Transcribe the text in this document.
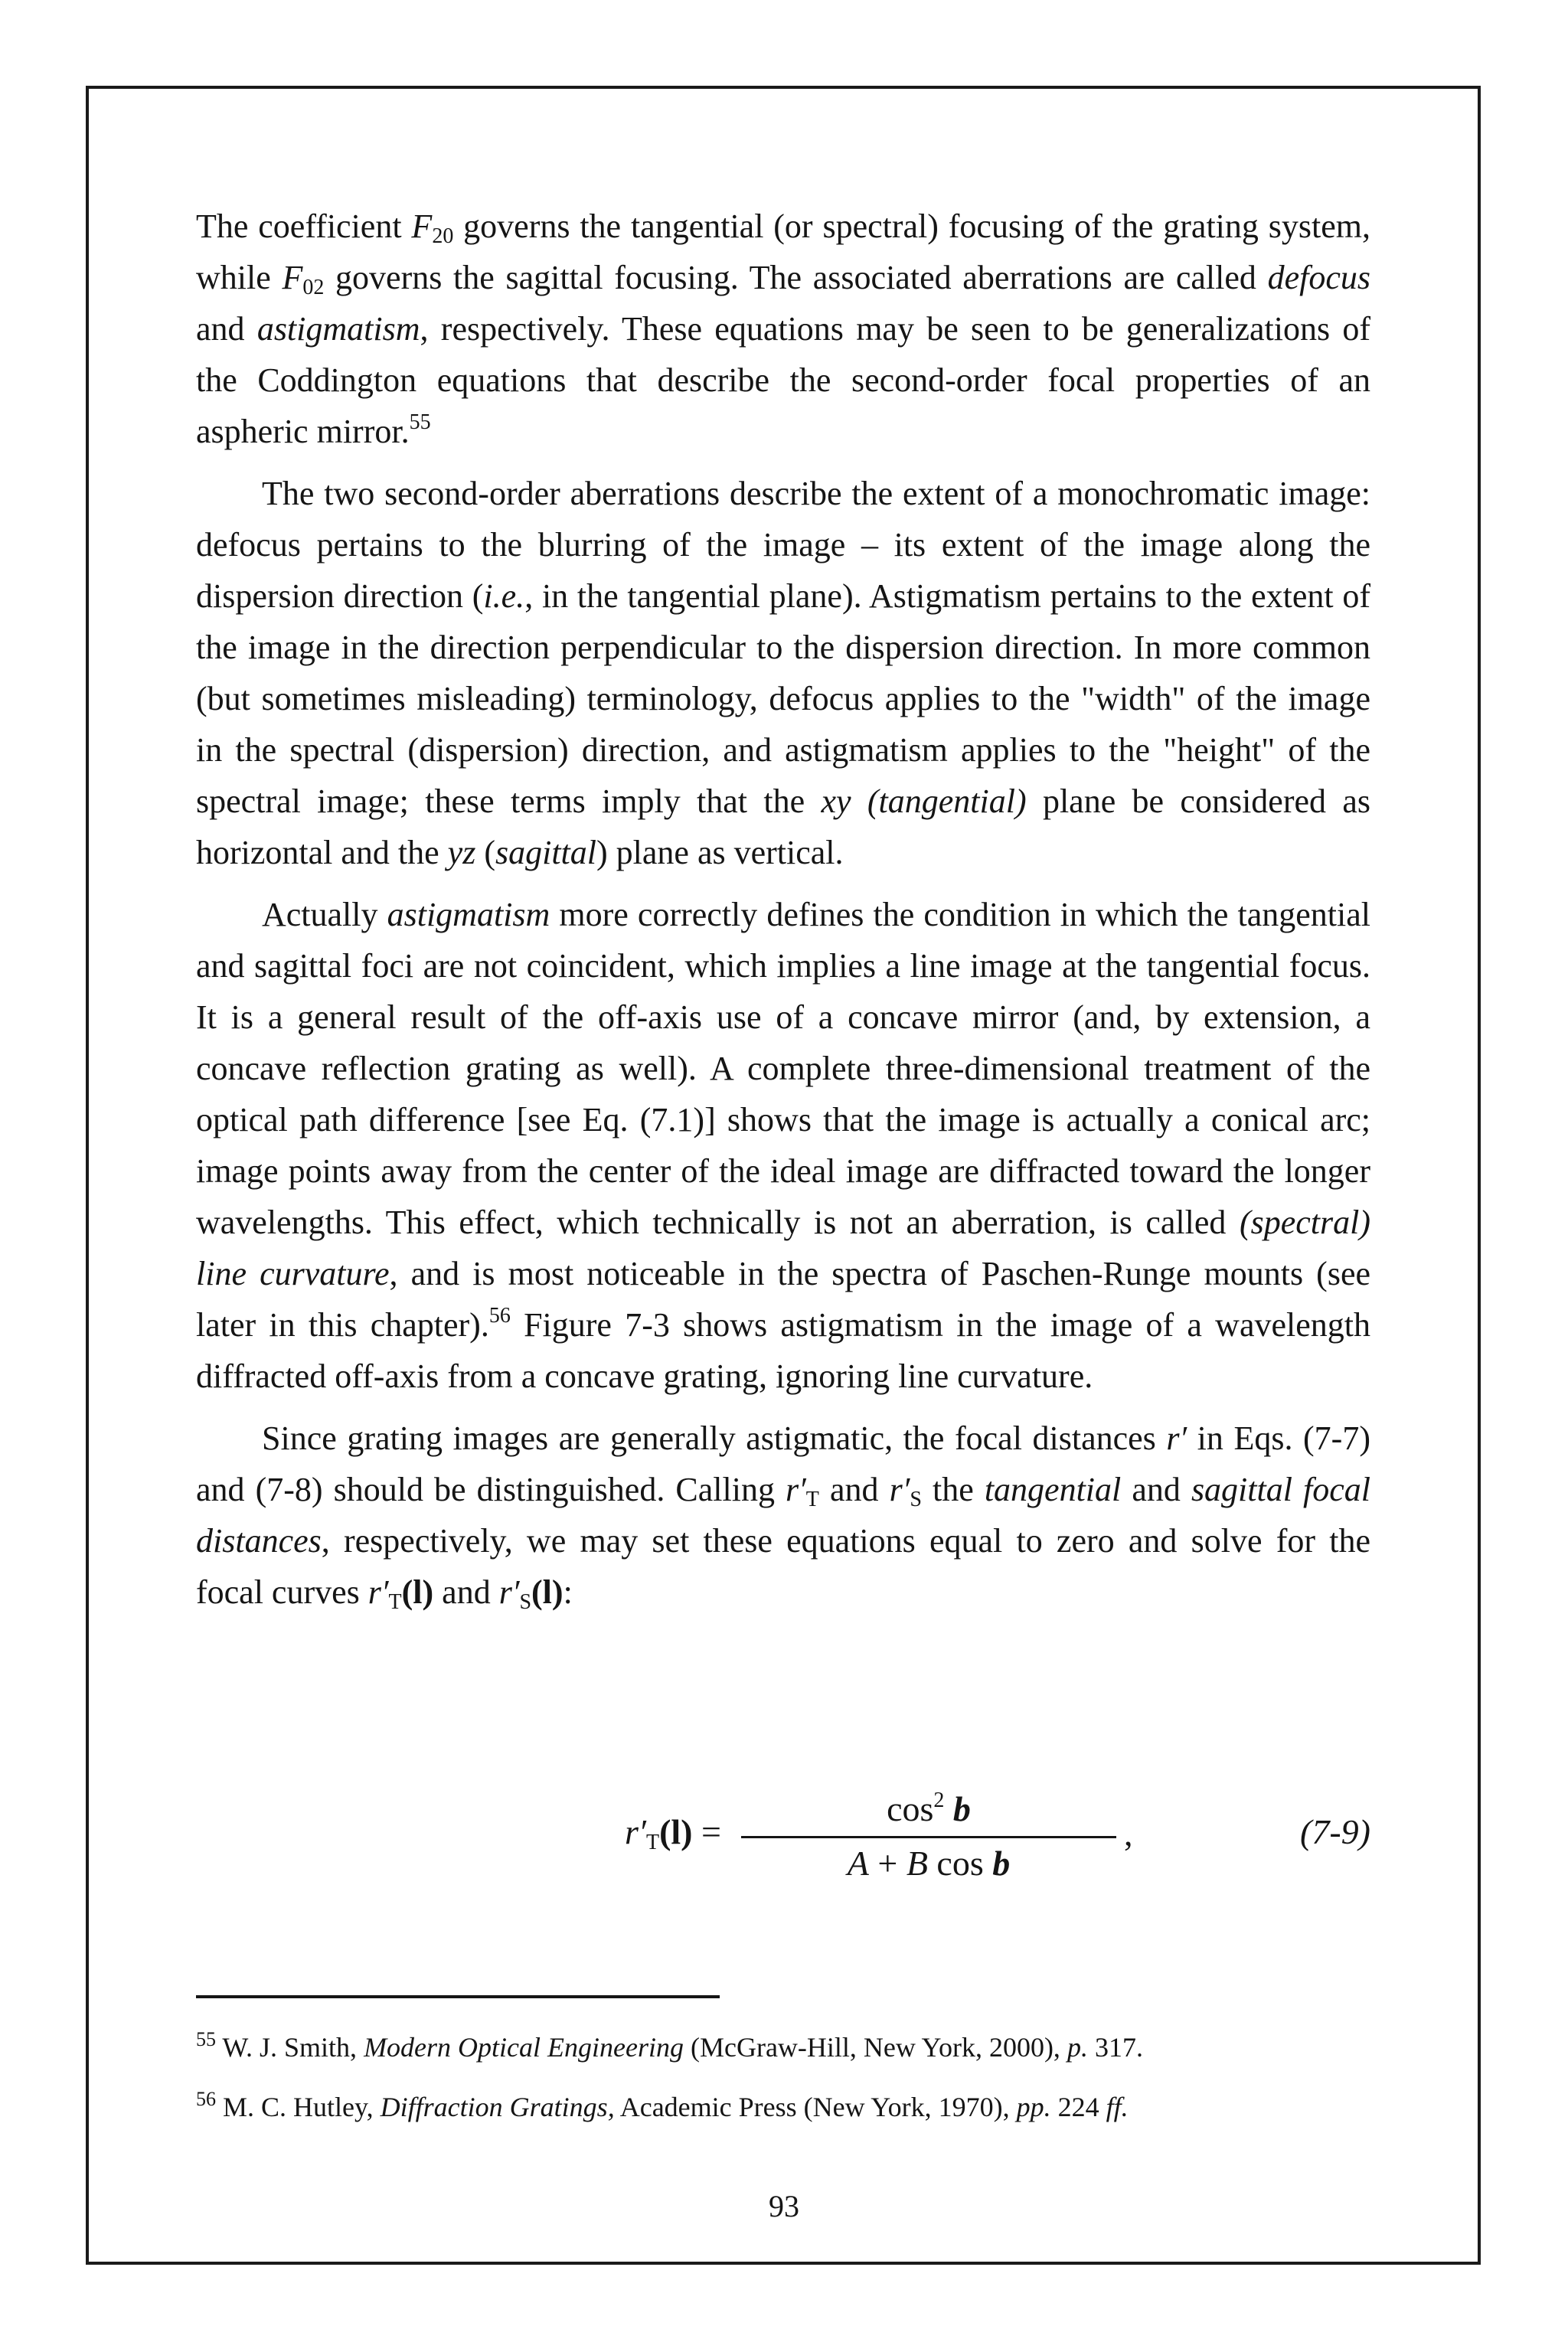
The coefficient $F_{20}$ governs the tangential (or spectral) focusing of the grating system, while $F_{02}$ governs the sagittal focusing. The associated aberrations are called defocus and astigmatism, respectively. These equations may be seen to be generalizations of the Coddington equations that describe the second-order focal properties of an aspheric mirror.$^{55}$

The two second-order aberrations describe the extent of a monochromatic image: defocus pertains to the blurring of the image – its extent of the image along the dispersion direction (i.e., in the tangential plane). Astigmatism pertains to the extent of the image in the direction perpendicular to the dispersion direction. In more common (but sometimes misleading) terminology, defocus applies to the "width" of the image in the spectral (dispersion) direction, and astigmatism applies to the "height" of the spectral image; these terms imply that the xy (tangential) plane be considered as horizontal and the yz (sagittal) plane as vertical.

Actually astigmatism more correctly defines the condition in which the tangential and sagittal foci are not coincident, which implies a line image at the tangential focus. It is a general result of the off-axis use of a concave mirror (and, by extension, a concave reflection grating as well). A complete three-dimensional treatment of the optical path difference [see Eq. (7.1)] shows that the image is actually a conical arc; image points away from the center of the ideal image are diffracted toward the longer wavelengths. This effect, which technically is not an aberration, is called (spectral) line curvature, and is most noticeable in the spectra of Paschen-Runge mounts (see later in this chapter).$^{56}$ Figure 7-3 shows astigmatism in the image of a wavelength diffracted off-axis from a concave grating, ignoring line curvature.

Since grating images are generally astigmatic, the focal distances r′ in Eqs. (7-7) and (7-8) should be distinguished. Calling $r'_T$ and $r'_S$ the tangential and sagittal focal distances, respectively, we may set these equations equal to zero and solve for the focal curves $r'_T(l)$ and $r'_S(l)$:

$r'_T(l)$ =
$\cos^2 b$
A + B cos b
,	(7-9)

$^{55}$ W. J. Smith, Modern Optical Engineering (McGraw-Hill, New York, 2000), p. 317.

$^{56}$ M. C. Hutley, Diffraction Gratings, Academic Press (New York, 1970), pp. 224 ff.

93
